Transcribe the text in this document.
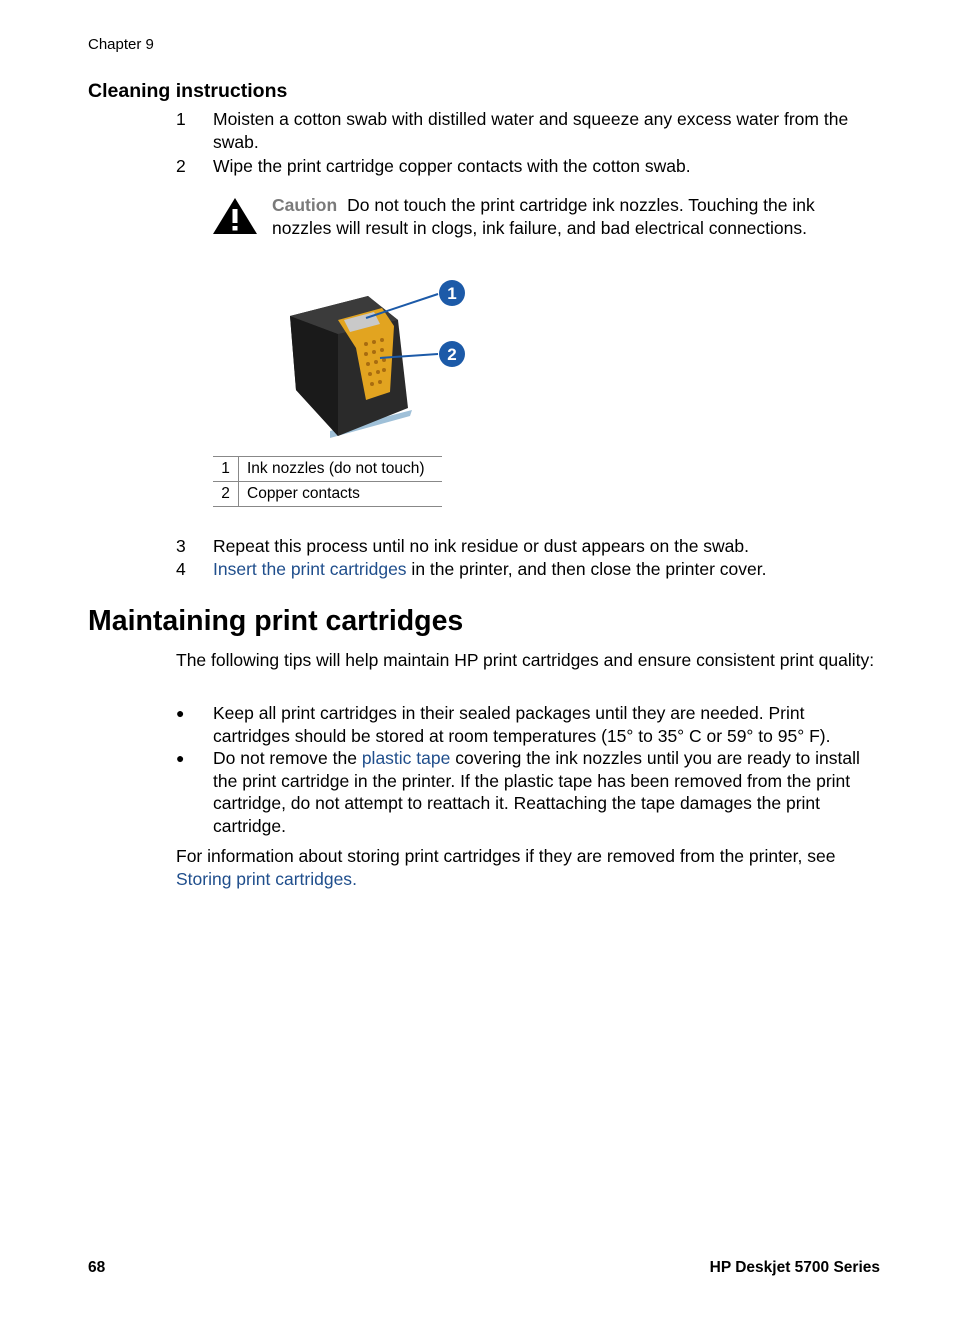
Chapter 9
Cleaning instructions
1 Moisten a cotton swab with distilled water and squeeze any excess water from the swab.
2 Wipe the print cartridge copper contacts with the cotton swab.
Caution Do not touch the print cartridge ink nozzles. Touching the ink nozzles will result in clogs, ink failure, and bad electrical connections.
1
2
1	Ink nozzles (do not touch)
2	Copper contacts
3 Repeat this process until no ink residue or dust appears on the swab.
4 Insert the print cartridges in the printer, and then close the printer cover.
Maintaining print cartridges
The following tips will help maintain HP print cartridges and ensure consistent print quality:
● Keep all print cartridges in their sealed packages until they are needed. Print cartridges should be stored at room temperatures (15° to 35° C or 59° to 95° F).
● Do not remove the plastic tape covering the ink nozzles until you are ready to install the print cartridge in the printer. If the plastic tape has been removed from the print cartridge, do not attempt to reattach it. Reattaching the tape damages the print cartridge.
For information about storing print cartridges if they are removed from the printer, see
Storing print cartridges.
68	HP Deskjet 5700 Series
